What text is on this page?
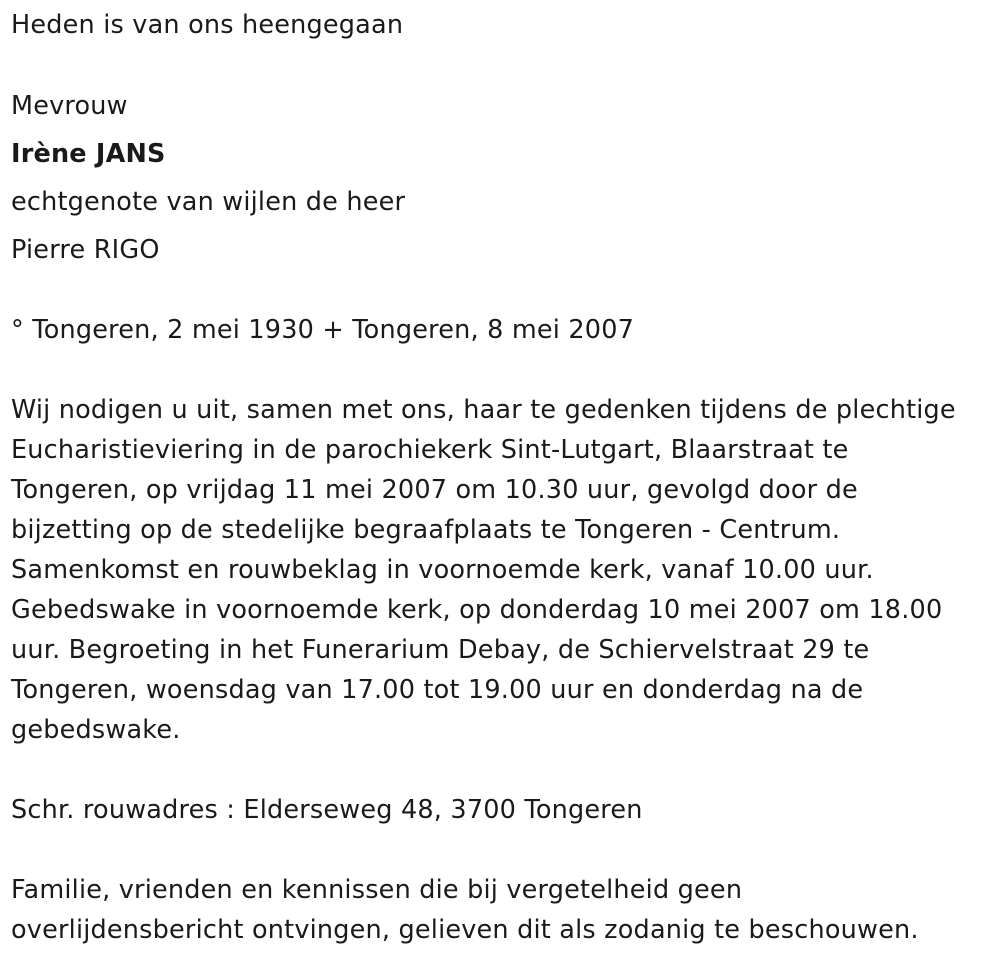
Heden is van ons heengegaan
Mevrouw
Irène JANS
echtgenote van wijlen de heer
Pierre RIGO
° Tongeren, 2 mei 1930 + Tongeren, 8 mei 2007
Wij nodigen u uit, samen met ons, haar te gedenken tijdens de plechtige
Eucharistieviering in de parochiekerk Sint-Lutgart, Blaarstraat te
Tongeren, op vrijdag 11 mei 2007 om 10.30 uur, gevolgd door de
bijzetting op de stedelijke begraafplaats te Tongeren - Centrum.
Samenkomst en rouwbeklag in voornoemde kerk, vanaf 10.00 uur.
Gebedswake in voornoemde kerk, op donderdag 10 mei 2007 om 18.00
uur. Begroeting in het Funerarium Debay, de Schiervelstraat 29 te
Tongeren, woensdag van 17.00 tot 19.00 uur en donderdag na de
gebedswake.
Schr. rouwadres : Elderseweg 48, 3700 Tongeren
Familie, vrienden en kennissen die bij vergetelheid geen
overlijdensbericht ontvingen, gelieven dit als zodanig te beschouwen.
